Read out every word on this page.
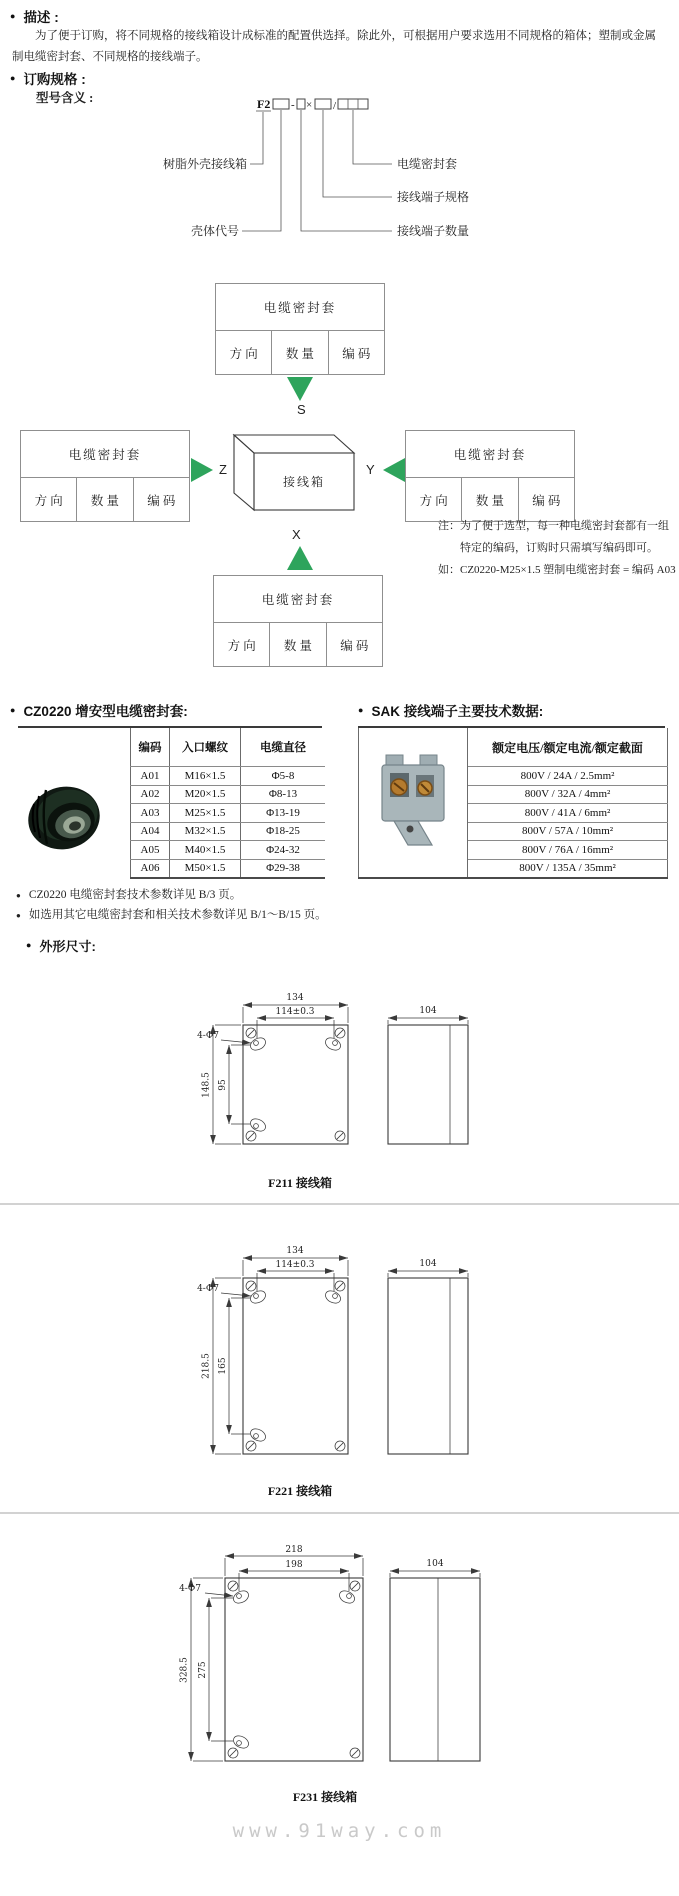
● 描述 :
为了便于订购，将不同规格的接线箱设计成标准的配置供选择。除此外，可根据用户要求选用不同规格的箱体；塑制或金属制电缆密封套、不同规格的接线端子。
● 订购规格 :
型号含义 :	F2 - × /
树脂外壳接线箱
壳体代号
电缆密封套
接线端子规格
接线端子数量
电缆密封套
方 向	数 量	编 码
S
电缆密封套
方 向	数 量	编 码
Z
接线箱
电缆密封套
方 向	数 量	编 码
Y
注：为了便于选型，每一种电缆密封套都有一组
特定的编码，订购时只需填写编码即可。
如：CZ0220-M25×1.5 塑制电缆密封套 = 编码 A03
X
电缆密封套
方 向	数 量	编 码
● CZ0220 增安型电缆密封套:
编码	入口螺纹	电缆直径
A01	M16×1.5	Φ5-8
A02	M20×1.5	Φ8-13
A03	M25×1.5	Φ13-19
A04	M32×1.5	Φ18-25
A05	M40×1.5	Φ24-32
A06	M50×1.5	Φ29-38
● SAK 接线端子主要技术数据:
	额定电压/额定电流/额定截面
800V / 24A / 2.5mm²
800V / 32A / 4mm²
800V / 41A / 6mm²
800V / 57A / 10mm²
800V / 76A / 16mm²
800V / 135A / 35mm²
● CZ0220 电缆密封套技术参数详见 B/3 页。
● 如选用其它电缆密封套和相关技术参数详见 B/1～B/15 页。
● 外形尺寸:
134
114±0.3
148.5 95
4-Φ7
104
F211 接线箱
134
114±0.3
218.5 165
4-Φ7
104
F221 接线箱
218
198
328.5 275
4-Φ7
104
F231 接线箱
www.91way.com
